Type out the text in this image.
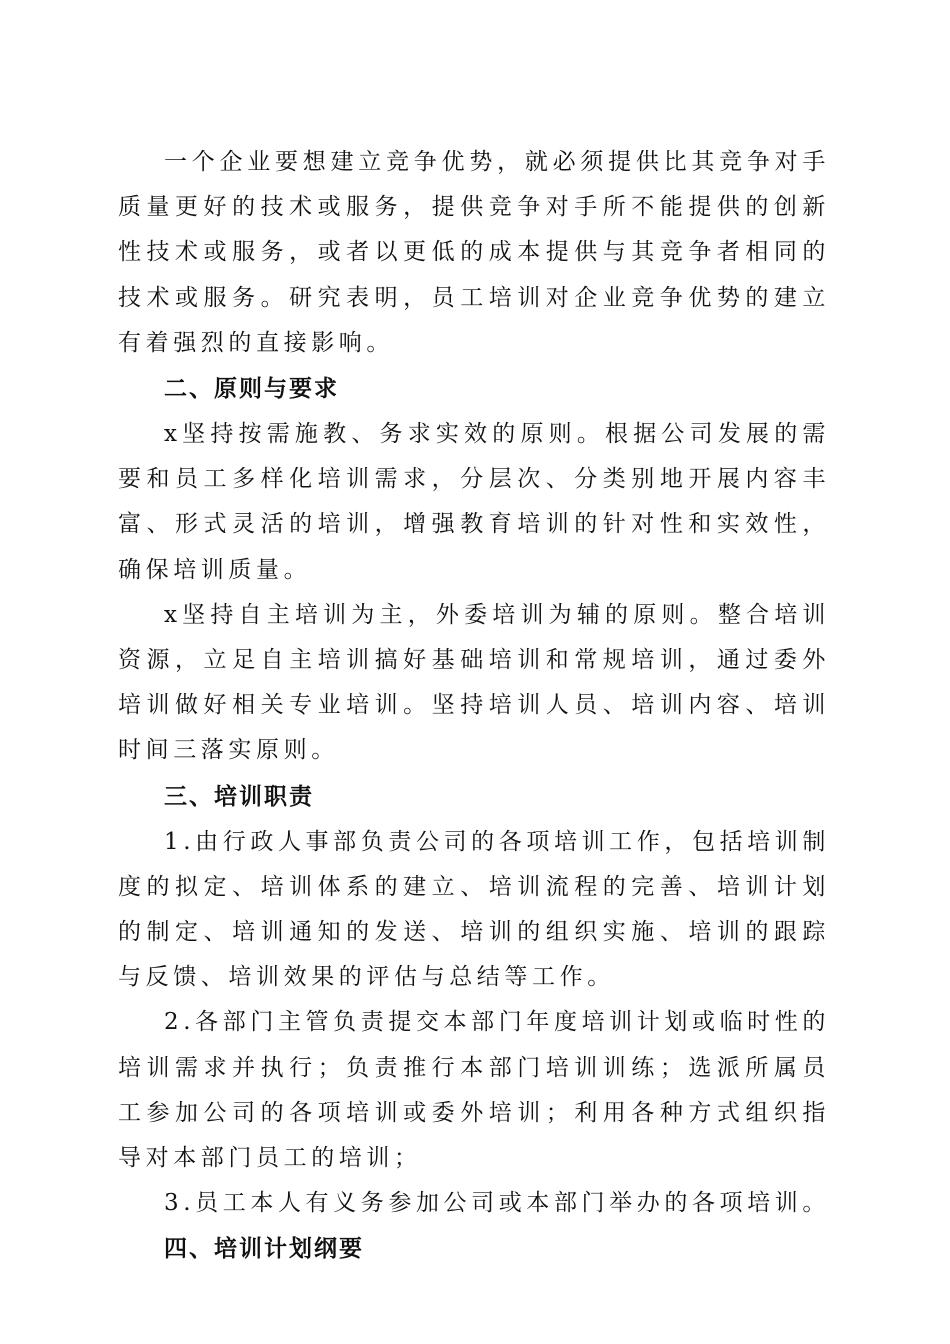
一个企业要想建立竞争优势，就必须提供比其竞争对手质量更好的技术或服务，提供竞争对手所不能提供的创新性技术或服务，或者以更低的成本提供与其竞争者相同的技术或服务。研究表明，员工培训对企业竞争优势的建立有着强烈的直接影响。

二、原则与要求

x坚持按需施教、务求实效的原则。根据公司发展的需要和员工多样化培训需求，分层次、分类别地开展内容丰富、形式灵活的培训，增强教育培训的针对性和实效性，确保培训质量。

x坚持自主培训为主，外委培训为辅的原则。整合培训资源，立足自主培训搞好基础培训和常规培训，通过委外培训做好相关专业培训。坚持培训人员、培训内容、培训时间三落实原则。

三、培训职责

1.由行政人事部负责公司的各项培训工作，包括培训制度的拟定、培训体系的建立、培训流程的完善、培训计划的制定、培训通知的发送、培训的组织实施、培训的跟踪与反馈、培训效果的评估与总结等工作。

2.各部门主管负责提交本部门年度培训计划或临时性的培训需求并执行；负责推行本部门培训训练；选派所属员工参加公司的各项培训或委外培训；利用各种方式组织指导对本部门员工的培训；

3.员工本人有义务参加公司或本部门举办的各项培训。

四、培训计划纲要
